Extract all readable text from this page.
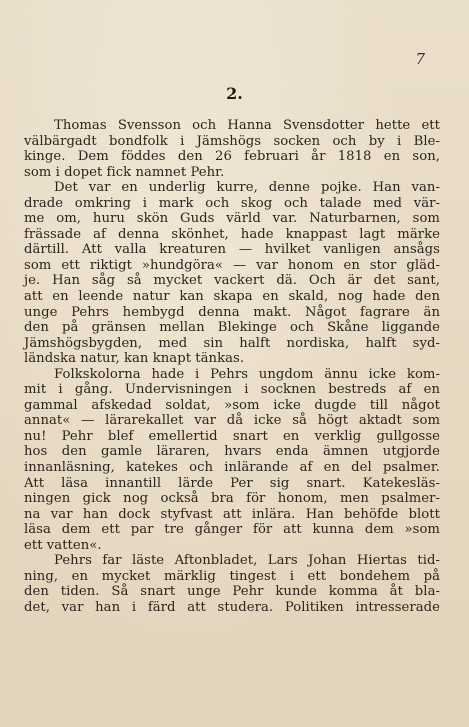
7
2.
Thomas Svensson och Hanna Svensdotter hette ett
välbärgadt bondfolk i Jämshögs socken och by i Ble-
kinge. Dem föddes den 26 februari år 1818 en son,
som i dopet fick namnet Pehr.
Det var en underlig kurre, denne pojke. Han van-
drade omkring i mark och skog och talade med vär-
me om, huru skön Guds värld var. Naturbarnen, som
frässade af denna skönhet, hade knappast lagt märke
därtill. Att valla kreaturen — hvilket vanligen ansågs
som ett riktigt »hundgöra« — var honom en stor gläd-
je. Han såg så mycket vackert dä. Och är det sant,
att en leende natur kan skapa en skald, nog hade den
unge Pehrs hembygd denna makt. Något fagrare än
den på gränsen mellan Blekinge och Skåne liggande
Jämshögsbygden, med sin halft nordiska, halft syd-
ländska natur, kan knapt tänkas.
Folkskolorna hade i Pehrs ungdom ännu icke kom-
mit i gång. Undervisningen i socknen bestreds af en
gammal afskedad soldat, »som icke dugde till något
annat« — lärarekallet var då icke så högt aktadt som
nu! Pehr blef emellertid snart en verklig gullgosse
hos den gamle läraren, hvars enda ämnen utgjorde
innanläsning, katekes och inlärande af en del psalmer.
Att läsa innantill lärde Per sig snart. Katekesläs-
ningen gick nog också bra för honom, men psalmer-
na var han dock styfvast att inlära. Han behöfde blott
läsa dem ett par tre gånger för att kunna dem »som
ett vatten«.
Pehrs far läste Aftonbladet, Lars Johan Hiertas tid-
ning, en mycket märklig tingest i ett bondehem på
den tiden. Så snart unge Pehr kunde komma åt bla-
det, var han i färd att studera. Politiken intresserade
